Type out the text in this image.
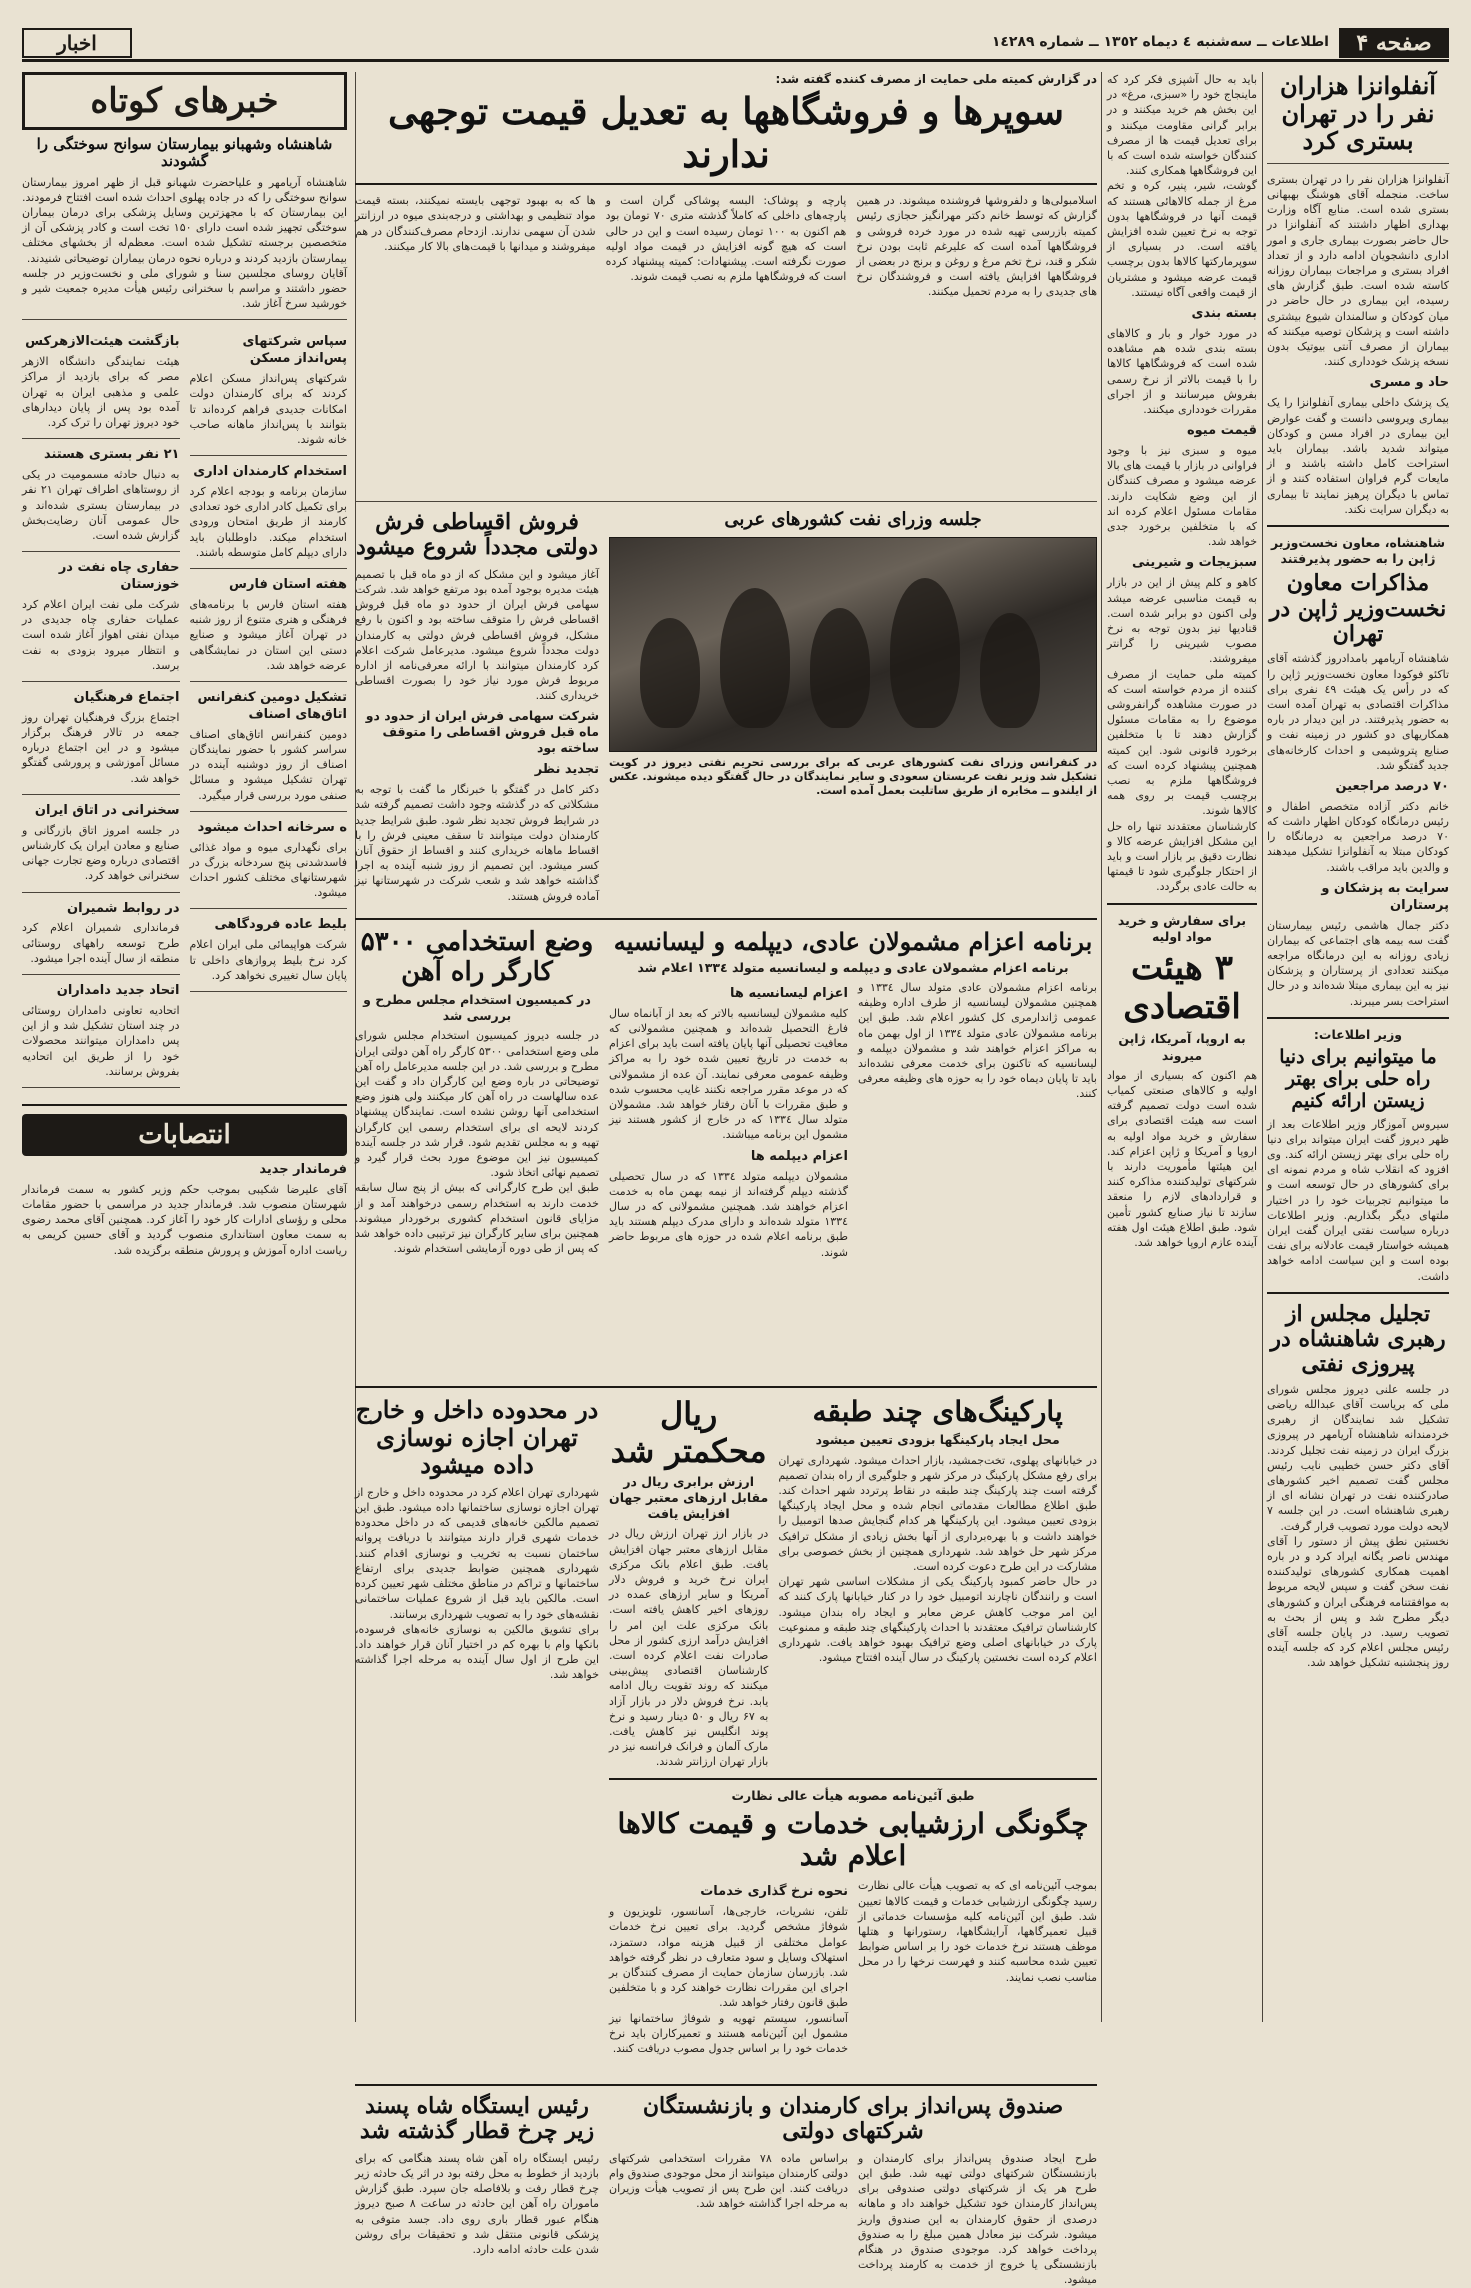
صفحه ۴
اطلاعات ــ سه‌شنبه ٤ دیماه ١٣٥٢ ــ شماره ١٤٢٨٩
اخبار
آنفلوانزا هزاران نفر را در تهران بستری کرد
آنفلوانزا هزاران نفر را در تهران بستری ساخت. منجمله آقای هوشنگ بهبهانی بستری شده است. منابع آگاه وزارت بهداری اظهار داشتند که آنفلوانزا در حال حاضر بصورت بیماری جاری و امور اداری دانشجویان ادامه دارد و از تعداد افراد بستری و مراجعات بیماران روزانه کاسته شده است. طبق گزارش های رسیده، این بیماری در حال حاضر در میان کودکان و سالمندان شیوع بیشتری داشته است و پزشکان توصیه میکنند که بیماران از مصرف آنتی بیوتیک بدون نسخه پزشک خودداری کنند.
حاد و مسری
یک پزشک داخلی بیماری آنفلوانزا را یک بیماری ویروسی دانست و گفت عوارض این بیماری در افراد مسن و کودکان میتواند شدید باشد. بیماران باید استراحت کامل داشته باشند و از مایعات گرم فراوان استفاده کنند و از تماس با دیگران پرهیز نمایند تا بیماری به دیگران سرایت نکند.
شاهنشاه، معاون نخست‌وزیر ژاپن را به حضور پذیرفتند
مذاکرات معاون نخست‌وزیر ژاپن در تهران
شاهنشاه آریامهر بامدادروز گذشته آقای تاکئو فوکودا معاون نخست‌وزیر ژاپن را که در رأس یک هیئت ٤٩ نفری برای مذاکرات اقتصادی به تهران آمده است به حضور پذیرفتند. در این دیدار در باره همکاریهای دو کشور در زمینه نفت و صنایع پتروشیمی و احداث کارخانه‌های جدید گفتگو شد.
۷۰ درصد مراجعین
خانم دکتر آزاده متخصص اطفال و رئیس درمانگاه کودکان اظهار داشت که ۷۰ درصد مراجعین به درمانگاه را کودکان مبتلا به آنفلوانزا تشکیل میدهند و والدین باید مراقب باشند.
سرایت به پزشکان و پرستاران
دکتر جمال هاشمی رئیس بیمارستان گفت سه بیمه های اجتماعی که بیماران زیادی روزانه به این درمانگاه مراجعه میکنند تعدادی از پرستاران و پزشکان نیز به این بیماری مبتلا شده‌اند و در حال استراحت بسر میبرند.
وزیر اطلاعات:
ما میتوانیم برای دنیا راه حلی برای بهتر زیستن ارائه کنیم
سیروس آموزگار وزیر اطلاعات بعد از ظهر دیروز گفت ایران میتواند برای دنیا راه حلی برای بهتر زیستن ارائه کند. وی افزود که انقلاب شاه و مردم نمونه ای برای کشورهای در حال توسعه است و ما میتوانیم تجربیات خود را در اختیار ملتهای دیگر بگذاریم. وزیر اطلاعات درباره سیاست نفتی ایران گفت ایران همیشه خواستار قیمت عادلانه برای نفت بوده است و این سیاست ادامه خواهد داشت.
تجلیل مجلس از رهبری شاهنشاه در پیروزی نفتی
در جلسه علنی دیروز مجلس شورای ملی که بریاست آقای عبدالله ریاضی تشکیل شد نمایندگان از رهبری خردمندانه شاهنشاه آریامهر در پیروزی بزرگ ایران در زمینه نفت تجلیل کردند. آقای دکتر حسن خطیبی نایب رئیس مجلس گفت تصمیم اخیر کشورهای صادرکننده نفت در تهران نشانه ای از رهبری شاهنشاه است. در این جلسه ۷ لایحه دولت مورد تصویب قرار گرفت.
نخستین نطق پیش از دستور را آقای مهندس ناصر یگانه ایراد کرد و در باره اهمیت همکاری کشورهای تولیدکننده نفت سخن گفت و سپس لایحه مربوط به موافقتنامه فرهنگی ایران و کشورهای دیگر مطرح شد و پس از بحث به تصویب رسید. در پایان جلسه آقای رئیس مجلس اعلام کرد که جلسه آینده روز پنجشنبه تشکیل خواهد شد.
باید به حال آشپزی فکر کرد که ماینجاج خود را «سبزی، مرغ» در این بخش هم خرید میکنند و در برابر گرانی مقاومت میکنند و برای تعدیل قیمت ها از مصرف کنندگان خواسته شده است که با این فروشگاهها همکاری کنند.
گوشت، شیر، پنیر، کره و تخم مرغ از جمله کالاهائی هستند که قیمت آنها در فروشگاهها بدون توجه به نرخ تعیین شده افزایش یافته است. در بسیاری از سوپرمارکتها کالاها بدون برچسب قیمت عرضه میشود و مشتریان از قیمت واقعی آگاه نیستند.
بسته بندی
در مورد خوار و بار و کالاهای بسته بندی شده هم مشاهده شده است که فروشگاهها کالاها را با قیمت بالاتر از نرخ رسمی بفروش میرسانند و از اجرای مقررات خودداری میکنند.
قیمت میوه
میوه و سبزی نیز با وجود فراوانی در بازار با قیمت های بالا عرضه میشود و مصرف کنندگان از این وضع شکایت دارند. مقامات مسئول اعلام کرده اند که با متخلفین برخورد جدی خواهد شد.
سبزیجات و شیرینی
کاهو و کلم پیش از این در بازار به قیمت مناسبی عرضه میشد ولی اکنون دو برابر شده است. قنادیها نیز بدون توجه به نرخ مصوب شیرینی را گرانتر میفروشند.
کمیته ملی حمایت از مصرف کننده از مردم خواسته است که در صورت مشاهده گرانفروشی موضوع را به مقامات مسئول گزارش دهند تا با متخلفین برخورد قانونی شود. این کمیته همچنین پیشنهاد کرده است که فروشگاهها ملزم به نصب برچسب قیمت بر روی همه کالاها شوند.
کارشناسان معتقدند تنها راه حل این مشکل افزایش عرضه کالا و نظارت دقیق بر بازار است و باید از احتکار جلوگیری شود تا قیمتها به حالت عادی برگردد.
برای سفارش و خرید مواد اولیه
۳ هیئت اقتصادی
به اروپا، آمریکا، ژاپن میروند
هم اکنون که بسیاری از مواد اولیه و کالاهای صنعتی کمیاب شده است دولت تصمیم گرفته است سه هیئت اقتصادی برای سفارش و خرید مواد اولیه به اروپا و آمریکا و ژاپن اعزام کند. این هیئتها مأموریت دارند با شرکتهای تولیدکننده مذاکره کنند و قراردادهای لازم را منعقد سازند تا نیاز صنایع کشور تأمین شود. طبق اطلاع هیئت اول هفته آینده عازم اروپا خواهد شد.
در گزارش کمیته ملی حمایت از مصرف کننده گفته شد:
سوپرها و فروشگاهها به تعدیل قیمت توجهی ندارند
اسلامبولی‌ها و دلفروشها فروشنده میشوند. در همین گزارش که توسط خانم دکتر مهرانگیز حجازی رئیس کمیته بازرسی تهیه شده در مورد خرده فروشی و فروشگاهها آمده است که علیرغم ثابت بودن نرخ شکر و قند، نرخ تخم مرغ و روغن و برنج در بعضی از فروشگاهها افزایش یافته است و فروشندگان نرخ های جدیدی را به مردم تحمیل میکنند.
پارچه و پوشاک: البسه پوشاکی گران است و پارچه‌های داخلی که کاملاً گذشته متری ۷۰ تومان بود هم اکنون به ۱۰۰ تومان رسیده است و این در حالی است که هیچ گونه افزایش در قیمت مواد اولیه صورت نگرفته است. پیشنهادات: کمیته پیشنهاد کرده است که فروشگاهها ملزم به نصب قیمت شوند.
ها که به بهبود توجهی بایسته نمیکنند، بسته قیمت مواد تنظیمی و بهداشتی و درجه‌بندی میوه در ارزانتر شدن آن سهمی ندارند. ازدحام مصرف‌کنندگان در هم میفروشند و میدانها با قیمت‌های بالا کار میکنند.
جلسه وزرای نفت کشورهای عربی
در کنفرانس وزرای نفت کشورهای عربی که برای بررسی تحریم نفتی دیروز در کویت تشکیل شد وزیر نفت عربستان سعودی و سایر نمایندگان در حال گفتگو دیده میشوند. عکس از ایلندو ــ مخابره از طریق ساتلیت بعمل آمده است.
فروش اقساطی فرش دولتی مجدداً شروع میشود
آغاز میشود و این مشکل که از دو ماه قبل با تصمیم هیئت مدیره بوجود آمده بود مرتفع خواهد شد. شرکت سهامی فرش ایران از حدود دو ماه قبل فروش اقساطی فرش را متوقف ساخته بود و اکنون با رفع مشکل، فروش اقساطی فرش دولتی به کارمندان دولت مجدداً شروع میشود. مدیرعامل شرکت اعلام کرد کارمندان میتوانند با ارائه معرفی‌نامه از اداره مربوط فرش مورد نیاز خود را بصورت اقساطی خریداری کنند.
شرکت سهامی فرش ایران از حدود دو ماه قبل فروش اقساطی را متوقف ساخته بود
تجدید نظر
دکتر کامل در گفتگو با خبرنگار ما گفت با توجه به مشکلاتی که در گذشته وجود داشت تصمیم گرفته شد در شرایط فروش تجدید نظر شود. طبق شرایط جدید کارمندان دولت میتوانند تا سقف معینی فرش را با اقساط ماهانه خریداری کنند و اقساط از حقوق آنان کسر میشود. این تصمیم از روز شنبه آینده به اجرا گذاشته خواهد شد و شعب شرکت در شهرستانها نیز آماده فروش هستند.
برنامه اعزام مشمولان عادی، دیپلمه و لیسانسیه
برنامه اعزام مشمولان عادی و دیپلمه و لیسانسیه متولد ١٣٣٤ اعلام شد
برنامه اعزام مشمولان عادی متولد سال ١٣٣٤ و همچنین مشمولان لیسانسیه از طرف اداره وظیفه عمومی ژاندارمری کل کشور اعلام شد. طبق این برنامه مشمولان عادی متولد ١٣٣٤ از اول بهمن ماه به مراکز اعزام خواهند شد و مشمولان دیپلمه و لیسانسیه که تاکنون برای خدمت معرفی نشده‌اند باید تا پایان دیماه خود را به حوزه های وظیفه معرفی کنند.
اعزام لیسانسیه ها
کلیه مشمولان لیسانسیه بالاتر که بعد از آبانماه سال فارغ التحصیل شده‌اند و همچنین مشمولانی که معافیت تحصیلی آنها پایان یافته است باید برای اعزام به خدمت در تاریخ تعیین شده خود را به مراکز وظیفه عمومی معرفی نمایند. آن عده از مشمولانی که در موعد مقرر مراجعه نکنند غایب محسوب شده و طبق مقررات با آنان رفتار خواهد شد. مشمولان متولد سال ١٣٣٤ که در خارج از کشور هستند نیز مشمول این برنامه میباشند.
اعزام دیپلمه ها
مشمولان دیپلمه متولد ١٣٣٤ که در سال تحصیلی گذشته دیپلم گرفته‌اند از نیمه بهمن ماه به خدمت اعزام خواهند شد. همچنین مشمولانی که در سال ١٣٣٤ متولد شده‌اند و دارای مدرک دیپلم هستند باید طبق برنامه اعلام شده در حوزه های مربوط حاضر شوند.
وضع استخدامی ۵۳۰۰ کارگر راه آهن
در کمیسیون استخدام مجلس مطرح و بررسی شد
در جلسه دیروز کمیسیون استخدام مجلس شورای ملی وضع استخدامی ۵۳۰۰ کارگر راه آهن دولتی ایران مطرح و بررسی شد. در این جلسه مدیرعامل راه آهن توضیحاتی در باره وضع این کارگران داد و گفت این عده سالهاست در راه آهن کار میکنند ولی هنوز وضع استخدامی آنها روشن نشده است. نمایندگان پیشنهاد کردند لایحه ای برای استخدام رسمی این کارگران تهیه و به مجلس تقدیم شود. قرار شد در جلسه آینده کمیسیون نیز این موضوع مورد بحث قرار گیرد و تصمیم نهائی اتخاذ شود.
طبق این طرح کارگرانی که بیش از پنج سال سابقه خدمت دارند به استخدام رسمی درخواهند آمد و از مزایای قانون استخدام کشوری برخوردار میشوند. همچنین برای سایر کارگران نیز ترتیبی داده خواهد شد که پس از طی دوره آزمایشی استخدام شوند.
پارکینگ‌های چند طبقه
محل ایجاد پارکینگها بزودی تعیین میشود
در خیابانهای پهلوی، تخت‌جمشید، بازار احداث میشود. شهرداری تهران برای رفع مشکل پارکینگ در مرکز شهر و جلوگیری از راه بندان تصمیم گرفته است چند پارکینگ چند طبقه در نقاط پرتردد شهر احداث کند. طبق اطلاع مطالعات مقدماتی انجام شده و محل ایجاد پارکینگها بزودی تعیین میشود. این پارکینگها هر کدام گنجایش صدها اتومبیل را خواهند داشت و با بهره‌برداری از آنها بخش زیادی از مشکل ترافیک مرکز شهر حل خواهد شد. شهرداری همچنین از بخش خصوصی برای مشارکت در این طرح دعوت کرده است.
در حال حاضر کمبود پارکینگ یکی از مشکلات اساسی شهر تهران است و رانندگان ناچارند اتومبیل خود را در کنار خیابانها پارک کنند که این امر موجب کاهش عرض معابر و ایجاد راه بندان میشود. کارشناسان ترافیک معتقدند با احداث پارکینگهای چند طبقه و ممنوعیت پارک در خیابانهای اصلی وضع ترافیک بهبود خواهد یافت. شهرداری اعلام کرده است نخستین پارکینگ در سال آینده افتتاح میشود.
ریال محکمتر شد
ارزش برابری ریال در مقابل ارزهای معتبر جهان افزایش یافت
در بازار ارز تهران ارزش ریال در مقابل ارزهای معتبر جهان افزایش یافت. طبق اعلام بانک مرکزی ایران نرخ خرید و فروش دلار آمریکا و سایر ارزهای عمده در روزهای اخیر کاهش یافته است. بانک مرکزی علت این امر را افزایش درآمد ارزی کشور از محل صادرات نفت اعلام کرده است. کارشناسان اقتصادی پیش‌بینی میکنند که روند تقویت ریال ادامه یابد. نرخ فروش دلار در بازار آزاد به ۶۷ ریال و ۵۰ دینار رسید و نرخ پوند انگلیس نیز کاهش یافت. مارک آلمان و فرانک فرانسه نیز در بازار تهران ارزانتر شدند.
طبق آئین‌نامه مصوبه هیأت عالی نظارت
چگونگی ارزشیابی خدمات و قیمت کالاها اعلام شد
بموجب آئین‌نامه ای که به تصویب هیأت عالی نظارت رسید چگونگی ارزشیابی خدمات و قیمت کالاها تعیین شد. طبق این آئین‌نامه کلیه مؤسسات خدماتی از قبیل تعمیرگاهها، آرایشگاهها، رستورانها و هتلها موظف هستند نرخ خدمات خود را بر اساس ضوابط تعیین شده محاسبه کنند و فهرست نرخها را در محل مناسب نصب نمایند.
نحوه نرخ گذاری خدمات
تلفن، نشریات، خارجی‌ها، آسانسور، تلویزیون و شوفاژ مشخص گردید. برای تعیین نرخ خدمات عوامل مختلفی از قبیل هزینه مواد، دستمزد، استهلاک وسایل و سود متعارف در نظر گرفته خواهد شد. بازرسان سازمان حمایت از مصرف کنندگان بر اجرای این مقررات نظارت خواهند کرد و با متخلفین طبق قانون رفتار خواهد شد.
آسانسور، سیستم تهویه و شوفاژ ساختمانها نیز مشمول این آئین‌نامه هستند و تعمیرکاران باید نرخ خدمات خود را بر اساس جدول مصوب دریافت کنند.
در محدوده داخل و خارج تهران اجازه نوسازی داده میشود
شهرداری تهران اعلام کرد در محدوده داخل و خارج از تهران اجازه نوسازی ساختمانها داده میشود. طبق این تصمیم مالکین خانه‌های قدیمی که در داخل محدوده خدمات شهری قرار دارند میتوانند با دریافت پروانه ساختمان نسبت به تخریب و نوسازی اقدام کنند. شهرداری همچنین ضوابط جدیدی برای ارتفاع ساختمانها و تراکم در مناطق مختلف شهر تعیین کرده است. مالکین باید قبل از شروع عملیات ساختمانی نقشه‌های خود را به تصویب شهرداری برسانند.
برای تشویق مالکین به نوسازی خانه‌های فرسوده، بانکها وام با بهره کم در اختیار آنان قرار خواهند داد. این طرح از اول سال آینده به مرحله اجرا گذاشته خواهد شد.
صندوق پس‌انداز برای کارمندان و بازنشستگان شرکتهای دولتی
طرح ایجاد صندوق پس‌انداز برای کارمندان و بازنشستگان شرکتهای دولتی تهیه شد. طبق این طرح هر یک از شرکتهای دولتی صندوقی برای پس‌انداز کارمندان خود تشکیل خواهند داد و ماهانه درصدی از حقوق کارمندان به این صندوق واریز میشود. شرکت نیز معادل همین مبلغ را به صندوق پرداخت خواهد کرد. موجودی صندوق در هنگام بازنشستگی یا خروج از خدمت به کارمند پرداخت میشود.
براساس ماده ۷۸ مقررات استخدامی شرکتهای دولتی کارمندان میتوانند از محل موجودی صندوق وام دریافت کنند. این طرح پس از تصویب هیأت وزیران به مرحله اجرا گذاشته خواهد شد.
رئیس ایستگاه شاه پسند زیر چرخ قطار گذشته شد
رئیس ایستگاه راه آهن شاه پسند هنگامی که برای بازدید از خطوط به محل رفته بود در اثر یک حادثه زیر چرخ قطار رفت و بلافاصله جان سپرد. طبق گزارش ماموران راه آهن این حادثه در ساعت ۸ صبح دیروز هنگام عبور قطار باری روی داد. جسد متوفی به پزشکی قانونی منتقل شد و تحقیقات برای روشن شدن علت حادثه ادامه دارد.
خبرهای کوتاه
شاهنشاه وشهبانو بیمارستان سوانح سوختگی را گشودند
شاهنشاه آریامهر و علیاحضرت شهبانو قبل از ظهر امروز بیمارستان سوانح سوختگی را که در جاده پهلوی احداث شده است افتتاح فرمودند. این بیمارستان که با مجهزترین وسایل پزشکی برای درمان بیماران سوختگی تجهیز شده است دارای ۱۵۰ تخت است و کادر پزشکی آن از متخصصین برجسته تشکیل شده است. معظم‌له از بخشهای مختلف بیمارستان بازدید کردند و درباره نحوه درمان بیماران توضیحاتی شنیدند.
آقایان روسای مجلسین سنا و شورای ملی و نخست‌وزیر در جلسه حضور داشتند و مراسم با سخنرانی رئیس هیأت مدیره جمعیت شیر و خورشید سرخ آغاز شد.
سپاس شرکتهای پس‌انداز مسکن
شرکتهای پس‌انداز مسکن اعلام کردند که برای کارمندان دولت امکانات جدیدی فراهم کرده‌اند تا بتوانند با پس‌انداز ماهانه صاحب خانه شوند.
استخدام کارمندان اداری
سازمان برنامه و بودجه اعلام کرد برای تکمیل کادر اداری خود تعدادی کارمند از طریق امتحان ورودی استخدام میکند. داوطلبان باید دارای دیپلم کامل متوسطه باشند.
هفته استان فارس
هفته استان فارس با برنامه‌های فرهنگی و هنری متنوع از روز شنبه در تهران آغاز میشود و صنایع دستی این استان در نمایشگاهی عرضه خواهد شد.
تشکیل دومین کنفرانس اتاق‌های اصناف
دومین کنفرانس اتاق‌های اصناف سراسر کشور با حضور نمایندگان اصناف از روز دوشنبه آینده در تهران تشکیل میشود و مسائل صنفی مورد بررسی قرار میگیرد.
ه سرخانه احداث میشود
برای نگهداری میوه و مواد غذائی فاسدشدنی پنج سردخانه بزرگ در شهرستانهای مختلف کشور احداث میشود.
بلیط عاده فرودگاهی
شرکت هواپیمائی ملی ایران اعلام کرد نرخ بلیط پروازهای داخلی تا پایان سال تغییری نخواهد کرد.
بازگشت هیئت‌الازهرکس
هیئت نمایندگی دانشگاه الازهر مصر که برای بازدید از مراکز علمی و مذهبی ایران به تهران آمده بود پس از پایان دیدارهای خود دیروز تهران را ترک کرد.
۲۱ نفر بستری هستند
به دنبال حادثه مسمومیت در یکی از روستاهای اطراف تهران ۲۱ نفر در بیمارستان بستری شده‌اند و حال عمومی آنان رضایت‌بخش گزارش شده است.
حفاری چاه نفت در خوزستان
شرکت ملی نفت ایران اعلام کرد عملیات حفاری چاه جدیدی در میدان نفتی اهواز آغاز شده است و انتظار میرود بزودی به نفت برسد.
اجتماع فرهنگیان
اجتماع بزرگ فرهنگیان تهران روز جمعه در تالار فرهنگ برگزار میشود و در این اجتماع درباره مسائل آموزشی و پرورشی گفتگو خواهد شد.
سخنرانی در اتاق ایران
در جلسه امروز اتاق بازرگانی و صنایع و معادن ایران یک کارشناس اقتصادی درباره وضع تجارت جهانی سخنرانی خواهد کرد.
در روابط شمیران
فرمانداری شمیران اعلام کرد طرح توسعه راههای روستائی منطقه از سال آینده اجرا میشود.
اتحاد جدید دامداران
اتحادیه تعاونی دامداران روستائی در چند استان تشکیل شد و از این پس دامداران میتوانند محصولات خود را از طریق این اتحادیه بفروش برسانند.
انتصابات
فرماندار جدید
آقای علیرضا شکیبی بموجب حکم وزیر کشور به سمت فرماندار شهرستان منصوب شد. فرماندار جدید در مراسمی با حضور مقامات محلی و رؤسای ادارات کار خود را آغاز کرد. همچنین آقای محمد رضوی به سمت معاون استانداری منصوب گردید و آقای حسین کریمی به ریاست اداره آموزش و پرورش منطقه برگزیده شد.
